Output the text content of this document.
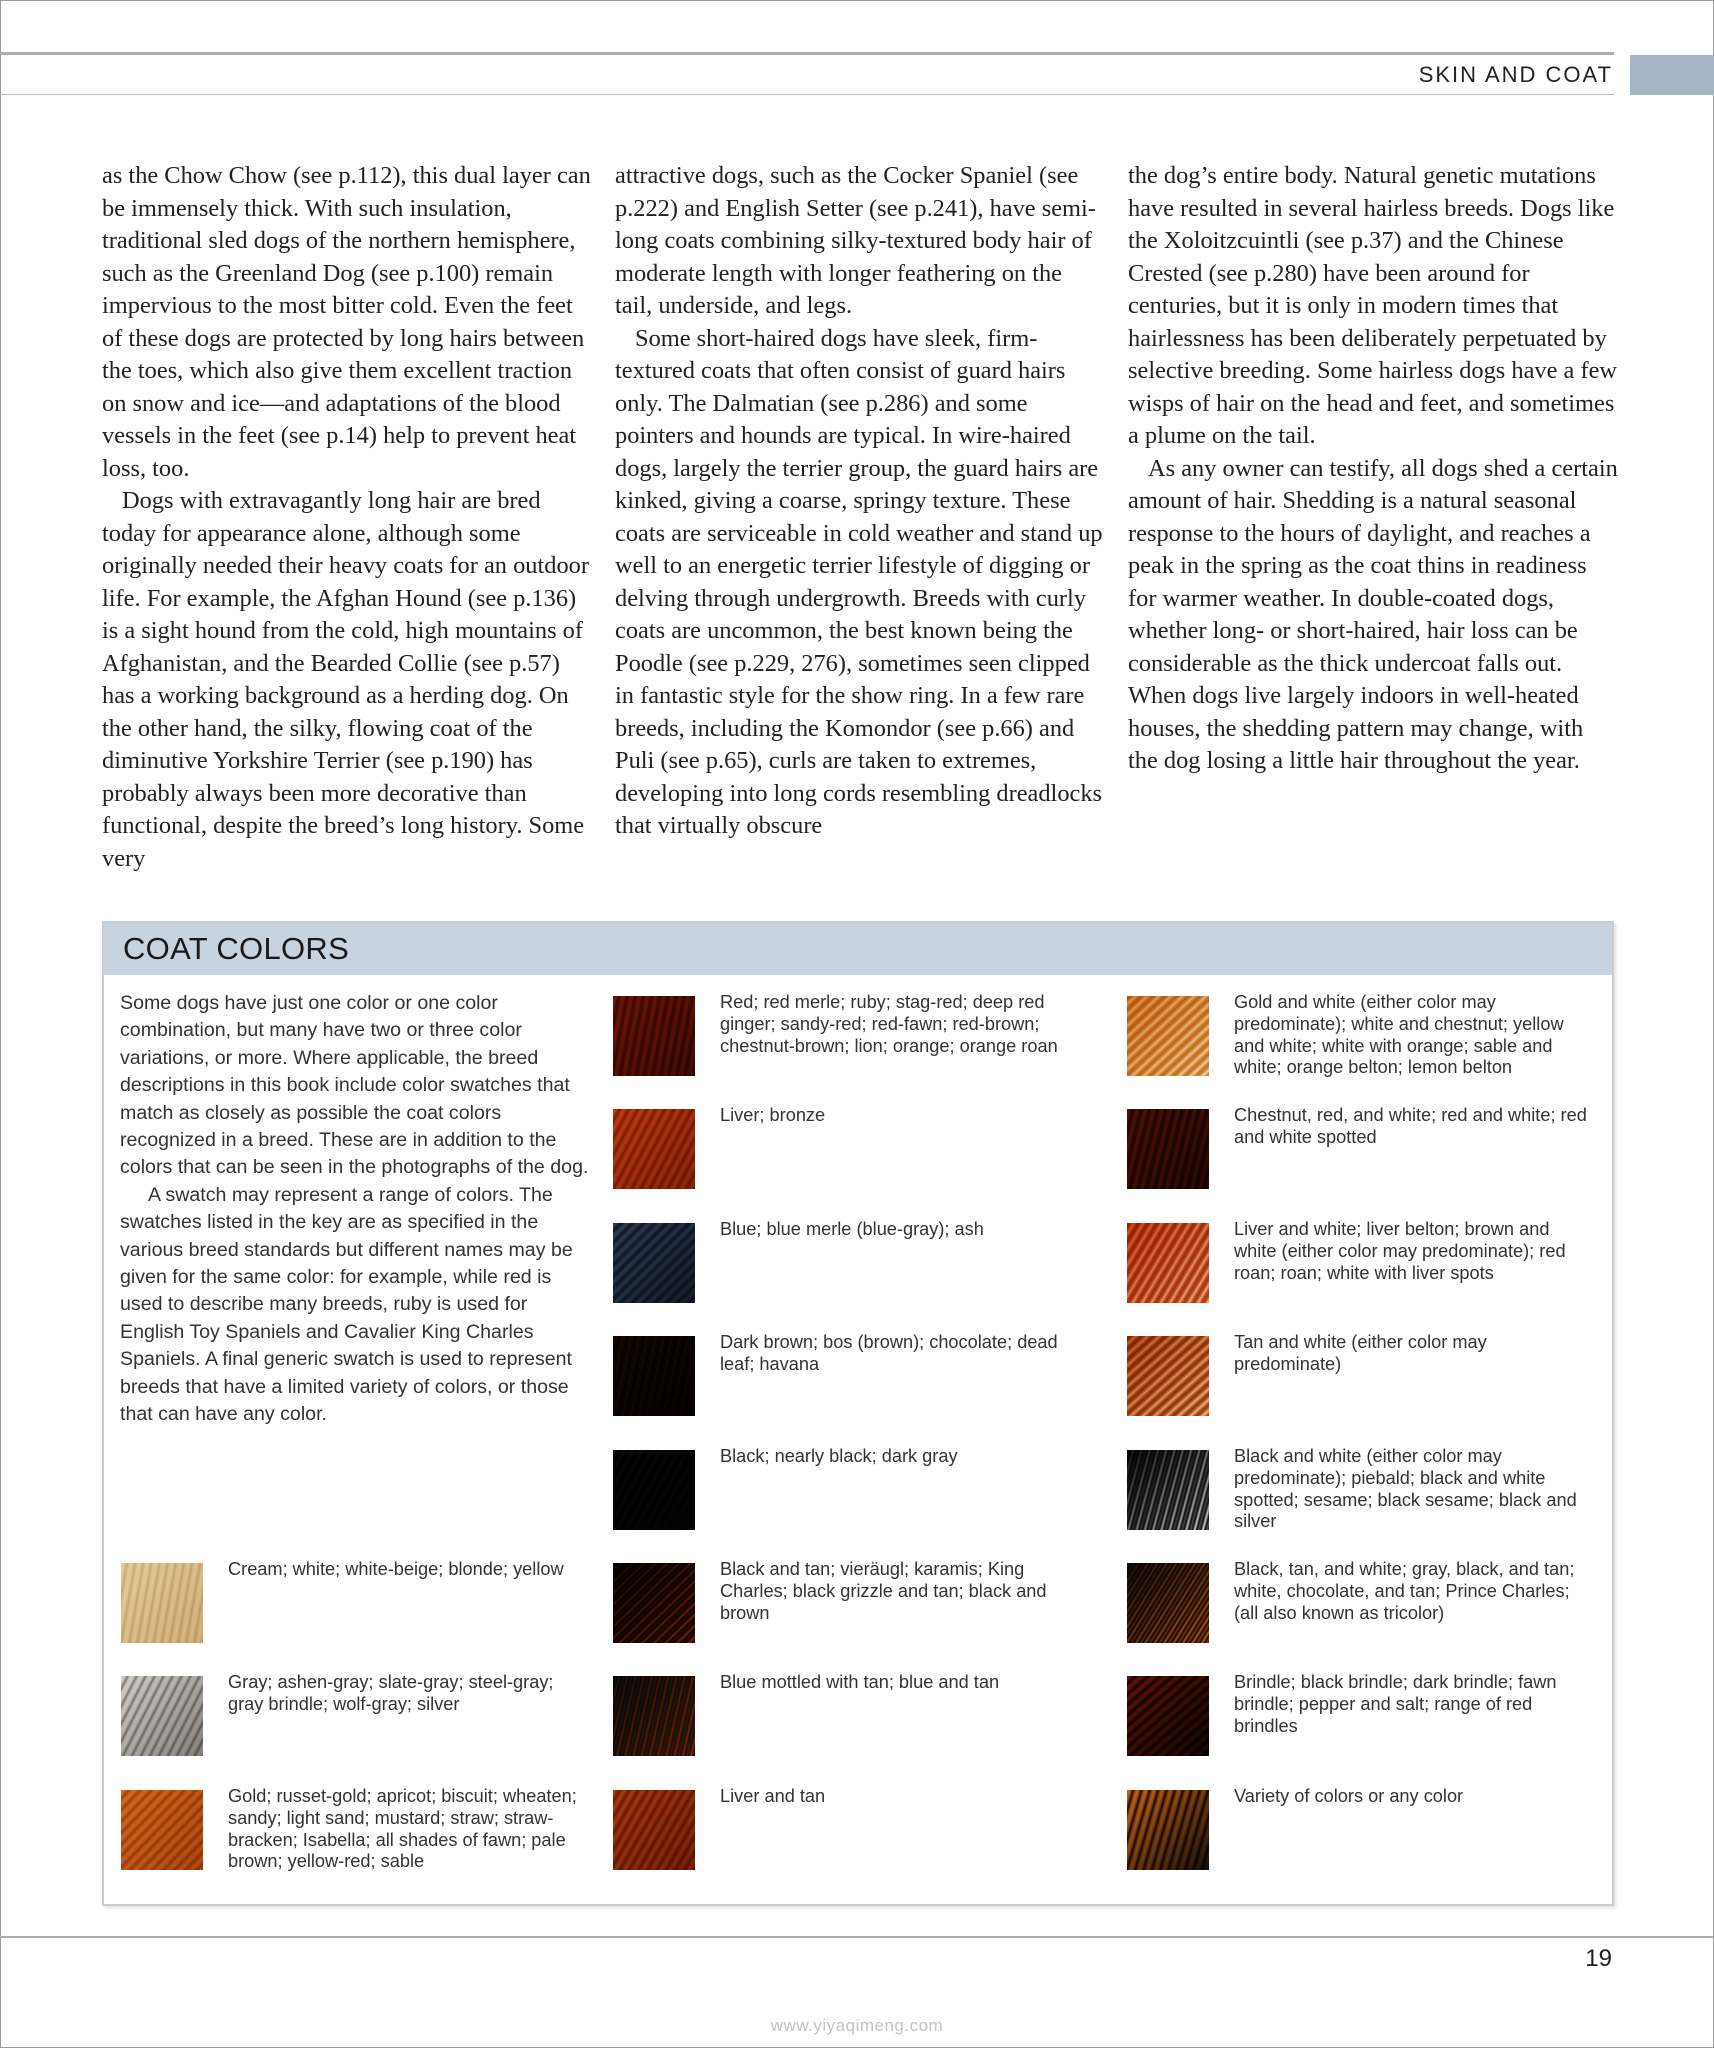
SKIN AND COAT

as the Chow Chow (see p.112), this dual layer can be immensely thick. With such insulation, traditional sled dogs of the northern hemisphere, such as the Greenland Dog (see p.100) remain impervious to the most bitter cold. Even the feet of these dogs are protected by long hairs between the toes, which also give them excellent traction on snow and ice—and adaptations of the blood vessels in the feet (see p.14) help to prevent heat loss, too.

Dogs with extravagantly long hair are bred today for appearance alone, although some originally needed their heavy coats for an outdoor life. For example, the Afghan Hound (see p.136) is a sight hound from the cold, high mountains of Afghanistan, and the Bearded Collie (see p.57) has a working background as a herding dog. On the other hand, the silky, flowing coat of the diminutive Yorkshire Terrier (see p.190) has probably always been more decorative than functional, despite the breed’s long history. Some very

attractive dogs, such as the Cocker Spaniel (see p.222) and English Setter (see p.241), have semi-long coats combining silky-textured body hair of moderate length with longer feathering on the tail, underside, and legs.

Some short-haired dogs have sleek, firm-textured coats that often consist of guard hairs only. The Dalmatian (see p.286) and some pointers and hounds are typical. In wire-haired dogs, largely the terrier group, the guard hairs are kinked, giving a coarse, springy texture. These coats are serviceable in cold weather and stand up well to an energetic terrier lifestyle of digging or delving through undergrowth. Breeds with curly coats are uncommon, the best known being the Poodle (see p.229, 276), sometimes seen clipped in fantastic style for the show ring. In a few rare breeds, including the Komondor (see p.66) and Puli (see p.65), curls are taken to extremes, developing into long cords resembling dreadlocks that virtually obscure

the dog’s entire body. Natural genetic mutations have resulted in several hairless breeds. Dogs like the Xoloitzcuintli (see p.37) and the Chinese Crested (see p.280) have been around for centuries, but it is only in modern times that hairlessness has been deliberately perpetuated by selective breeding. Some hairless dogs have a few wisps of hair on the head and feet, and sometimes a plume on the tail.

As any owner can testify, all dogs shed a certain amount of hair. Shedding is a natural seasonal response to the hours of daylight, and reaches a peak in the spring as the coat thins in readiness for warmer weather. In double-coated dogs, whether long- or short-haired, hair loss can be considerable as the thick undercoat falls out. When dogs live largely indoors in well-heated houses, the shedding pattern may change, with the dog losing a little hair throughout the year.

COAT COLORS

Some dogs have just one color or one color combination, but many have two or three color variations, or more. Where applicable, the breed descriptions in this book include color swatches that match as closely as possible the coat colors recognized in a breed. These are in addition to the colors that can be seen in the photographs of the dog.

A swatch may represent a range of colors. The swatches listed in the key are as specified in the various breed standards but different names may be given for the same color: for example, while red is used to describe many breeds, ruby is used for English Toy Spaniels and Cavalier King Charles Spaniels. A final generic swatch is used to represent breeds that have a limited variety of colors, or those that can have any color.

Cream; white; white-beige; blonde; yellow
Gray; ashen-gray; slate-gray; steel-gray; gray brindle; wolf-gray; silver
Gold; russet-gold; apricot; biscuit; wheaten; sandy; light sand; mustard; straw; straw-bracken; Isabella; all shades of fawn; pale brown; yellow-red; sable
Red; red merle; ruby; stag-red; deep red ginger; sandy-red; red-fawn; red-brown; chestnut-brown; lion; orange; orange roan
Liver; bronze
Blue; blue merle (blue-gray); ash
Dark brown; bos (brown); chocolate; dead leaf; havana
Black; nearly black; dark gray
Black and tan; vieräugl; karamis; King Charles; black grizzle and tan; black and brown
Blue mottled with tan; blue and tan
Liver and tan
Gold and white (either color may predominate); white and chestnut; yellow and white; white with orange; sable and white; orange belton; lemon belton
Chestnut, red, and white; red and white; red and white spotted
Liver and white; liver belton; brown and white (either color may predominate); red roan; roan; white with liver spots
Tan and white (either color may predominate)
Black and white (either color may predominate); piebald; black and white spotted; sesame; black sesame; black and silver
Black, tan, and white; gray, black, and tan; white, chocolate, and tan; Prince Charles; (all also known as tricolor)
Brindle; black brindle; dark brindle; fawn brindle; pepper and salt; range of red brindles
Variety of colors or any color
19
www.yiyaqimeng.com
